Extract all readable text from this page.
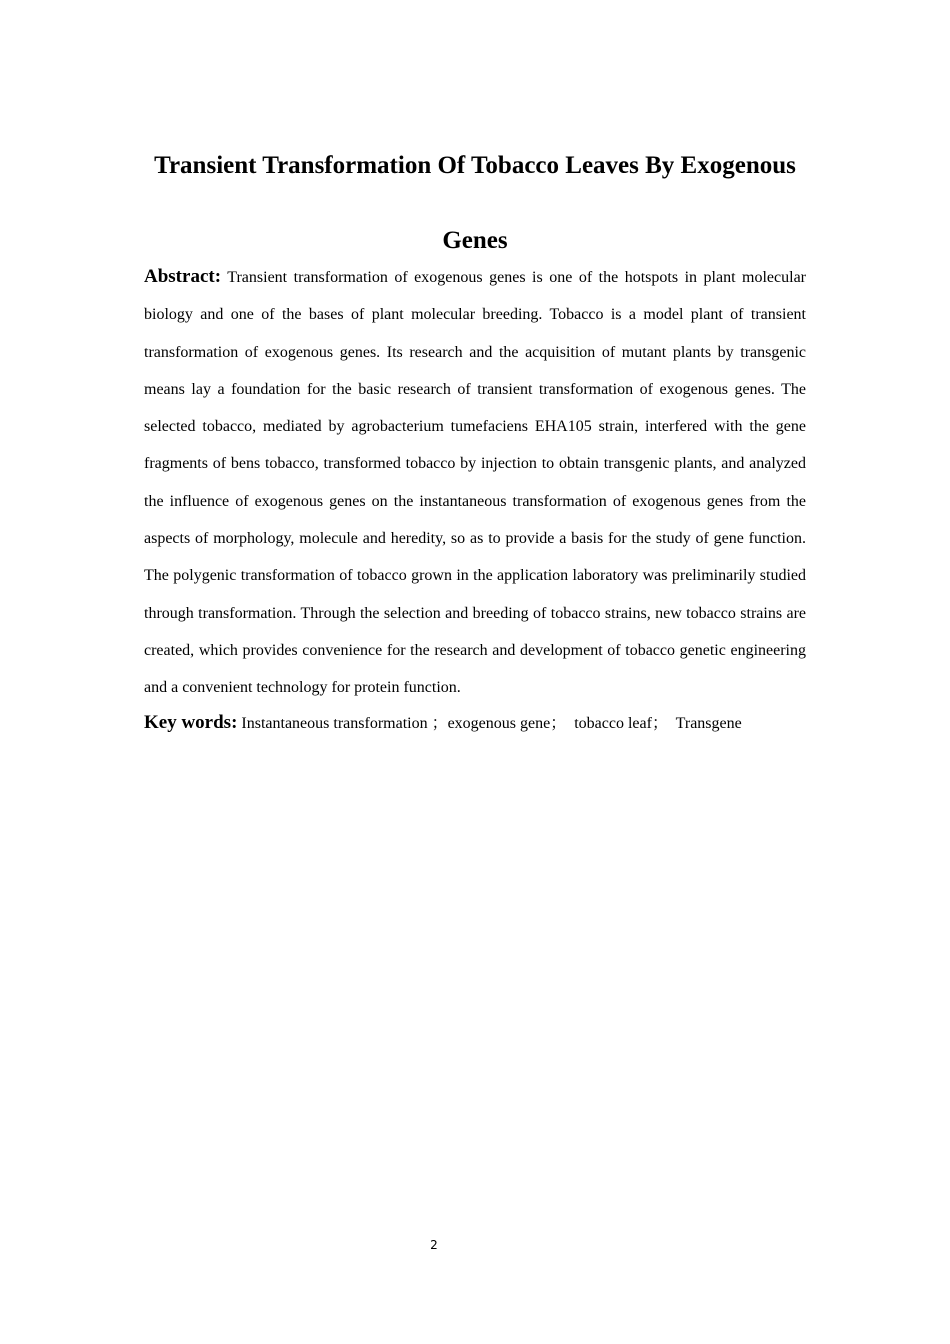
Transient Transformation Of Tobacco Leaves By Exogenous Genes

Abstract: Transient transformation of exogenous genes is one of the hotspots in plant molecular biology and one of the bases of plant molecular breeding. Tobacco is a model plant of transient transformation of exogenous genes. Its research and the acquisition of mutant plants by transgenic means lay a foundation for the basic research of transient transformation of exogenous genes. The selected tobacco, mediated by agrobacterium tumefaciens EHA105 strain, interfered with the gene fragments of bens tobacco, transformed tobacco by injection to obtain transgenic plants, and analyzed the influence of exogenous genes on the instantaneous transformation of exogenous genes from the aspects of morphology, molecule and heredity, so as to provide a basis for the study of gene function. The polygenic transformation of tobacco grown in the application laboratory was preliminarily studied through transformation. Through the selection and breeding of tobacco strains, new tobacco strains are created, which provides convenience for the research and development of tobacco genetic engineering and a convenient technology for protein function.

Key words: Instantaneous transformation ；exogenous gene；  tobacco leaf；  Transgene

2
